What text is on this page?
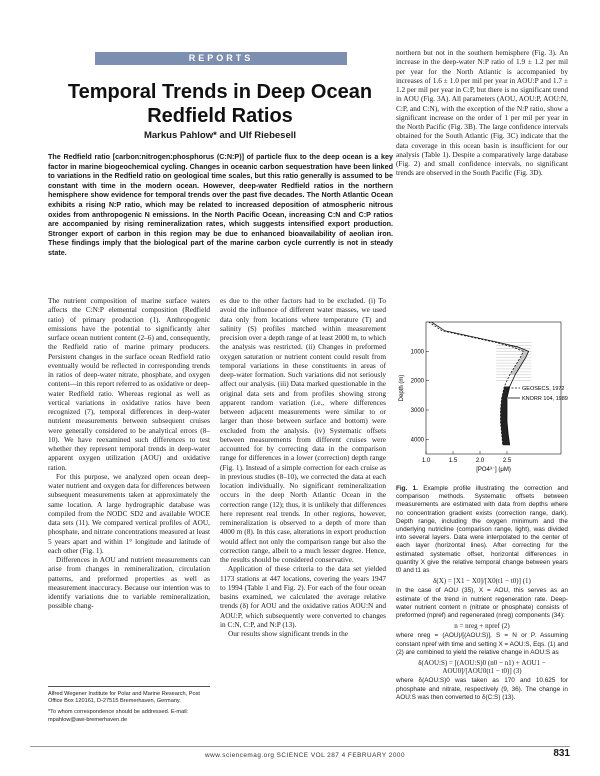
REPORTS
Temporal Trends in Deep Ocean Redfield Ratios
Markus Pahlow* and Ulf Riebesell
The Redfield ratio [carbon:nitrogen:phosphorus (C:N:P)] of particle flux to the deep ocean is a key factor in marine biogeochemical cycling. Changes in oceanic carbon sequestration have been linked to variations in the Redfield ratio on geological time scales, but this ratio generally is assumed to be constant with time in the modern ocean. However, deep-water Redfield ratios in the northern hemisphere show evidence for temporal trends over the past five decades. The North Atlantic Ocean exhibits a rising N:P ratio, which may be related to increased deposition of atmospheric nitrous oxides from anthropogenic N emissions. In the North Pacific Ocean, increasing C:N and C:P ratios are accompanied by rising remineralization rates, which suggests intensified export production. Stronger export of carbon in this region may be due to enhanced bioavailability of aeolian iron. These findings imply that the biological part of the marine carbon cycle currently is not in steady state.

The nutrient composition of marine surface waters affects the C:N:P elemental composition (Redfield ratio) of primary production (1). Anthropogenic emissions have the potential to significantly alter surface ocean nutrient content (2–6) and, consequently, the Redfield ratio of marine primary producers. Persistent changes in the surface ocean Redfield ratio eventually would be reflected in corresponding trends in ratios of deep-water nitrate, phosphate, and oxygen content—in this report referred to as oxidative or deep-water Redfield ratio. Whereas regional as well as vertical variations in oxidative ratios have been recognized (7), temporal differences in deep-water nutrient measurements between subsequent cruises were generally considered to be analytical errors (8–10). We have reexamined such differences to test whether they represent temporal trends in deep-water apparent oxygen utilization (AOU) and oxidative ration.

For this purpose, we analyzed open ocean deep-water nutrient and oxygen data for differences between subsequent measurements taken at approximately the same location. A large hydrographic database was compiled from the NODC SD2 and available WOCE data sets (11). We compared vertical profiles of AOU, phosphate, and nitrate concentrations measured at least 5 years apart and within 1° longitude and latitude of each other (Fig. 1).

Differences in AOU and nutrient measurements can arise from changes in remineralization, circulation patterns, and preformed properties as well as measurement inaccuracy. Because our intention was to identify variations due to variable remineralization, possible chang-

Alfred Wegener Institute for Polar and Marine Research, Post Office Box 120161, D-27515 Bremerhaven, Germany.

*To whom correspondence should be addressed. E-mail: mpahlow@awi-bremerhaven.de

es due to the other factors had to be excluded. (i) To avoid the influence of different water masses, we used data only from locations where temperature (T) and salinity (S) profiles matched within measurement precision over a depth range of at least 2000 m, to which the analysis was restricted. (ii) Changes in preformed oxygen saturation or nutrient content could result from temporal variations in these constituents in areas of deep-water formation. Such variations did not seriously affect our analysis. (iii) Data marked questionable in the original data sets and from profiles showing strong apparent random variation (i.e., where differences between adjacent measurements were similar to or larger than those between surface and bottom) were excluded from the analysis. (iv) Systematic offsets between measurements from different cruises were accounted for by correcting data in the comparison range for differences in a lower (correction) depth range (Fig. 1). Instead of a simple correction for each cruise as in previous studies (8–10), we corrected the data at each location individually. No significant remineralization occurs in the deep North Atlantic Ocean in the correction range (12); thus, it is unlikely that differences here represent real trends. In other regions, however, remineralization is observed to a depth of more than 4000 m (8). In this case, alterations in export production would affect not only the comparison range but also the correction range, albeit to a much lesser degree. Hence, the results should be considered conservative.

Application of these criteria to the data set yielded 1173 stations at 447 locations, covering the years 1947 to 1994 (Table 1 and Fig. 2). For each of the four ocean basins examined, we calculated the average relative trends (δ) for AOU and the oxidative ratios AOU:N and AOU:P, which subsequently were converted to changes in C:N, C:P, and N:P (13).

Our results show significant trends in the

northern but not in the southern hemisphere (Fig. 3). An increase in the deep-water N:P ratio of 1.9 ± 1.2 per mil per year for the North Atlantic is accompanied by increases of 1.6 ± 1.0 per mil per year in AOU:P and 1.7 ± 1.2 per mil per year in C:P, but there is no significant trend in AOU (Fig. 3A). All parameters (AOU, AOU:P, AOU:N, C:P, and C:N), with the exception of the N:P ratio, show a significant increase on the order of 1 per mil per year in the North Pacific (Fig. 3B). The large confidence intervals obtained for the South Atlantic (Fig. 3C) indicate that the data coverage in this ocean basin is insufficient for our analysis (Table 1). Despite a comparatively large database (Fig. 2) and small confidence intervals, no significant trends are observed in the South Pacific (Fig. 3D).

1.0	1.5	2.0	2.5
1000
2000
3000
4000
[PO4³⁻] (μM)
Depth (m)	GEOSECS, 1972
KNORR 104, 1989
Fig. 1. Example profile illustrating the correction and comparison methods. Systematic offsets between measurements are estimated with data from depths where no concentration gradient exists (correction range, dark). Depth range, including the oxygen minimum and the underlying nutricline (comparison range, light), was divided into several layers. Data were interpolated to the center of each layer (horizontal lines). After correcting for the estimated systematic offset, horizontal differences in quantity X give the relative temporal change between years t0 and t1 as
δ(X) = [X1 − X0]/[X0(t1 − t0)] (1)
In the case of AOU (35), X = AOU, this serves as an estimate of the trend in nutrient regeneration rate. Deep-water nutrient content n (nitrate or phosphate) consists of preformed (npref) and regenerated (nreg) components (34):
n = nreg + npref (2)
where nreg = (AOU)/[(AOU:S)], S = N or P. Assuming constant npref with time and setting X = AOU:S, Eqs. (1) and (2) are combined to yield the relative change in AOU:S as
δ(AOU:S) = [(AOU:S)0 (n0 − n1) + AOU1 − AOU0]/[AOU0(t1 − t0)] (3)
where δ(AOU:S)0 was taken as 170 and 10.625 for phosphate and nitrate, respectively (9, 36). The change in AOU:S was then converted to δ(C:S) (13).
www.sciencemag.org SCIENCE VOL 287 4 FEBRUARY 2000	831
